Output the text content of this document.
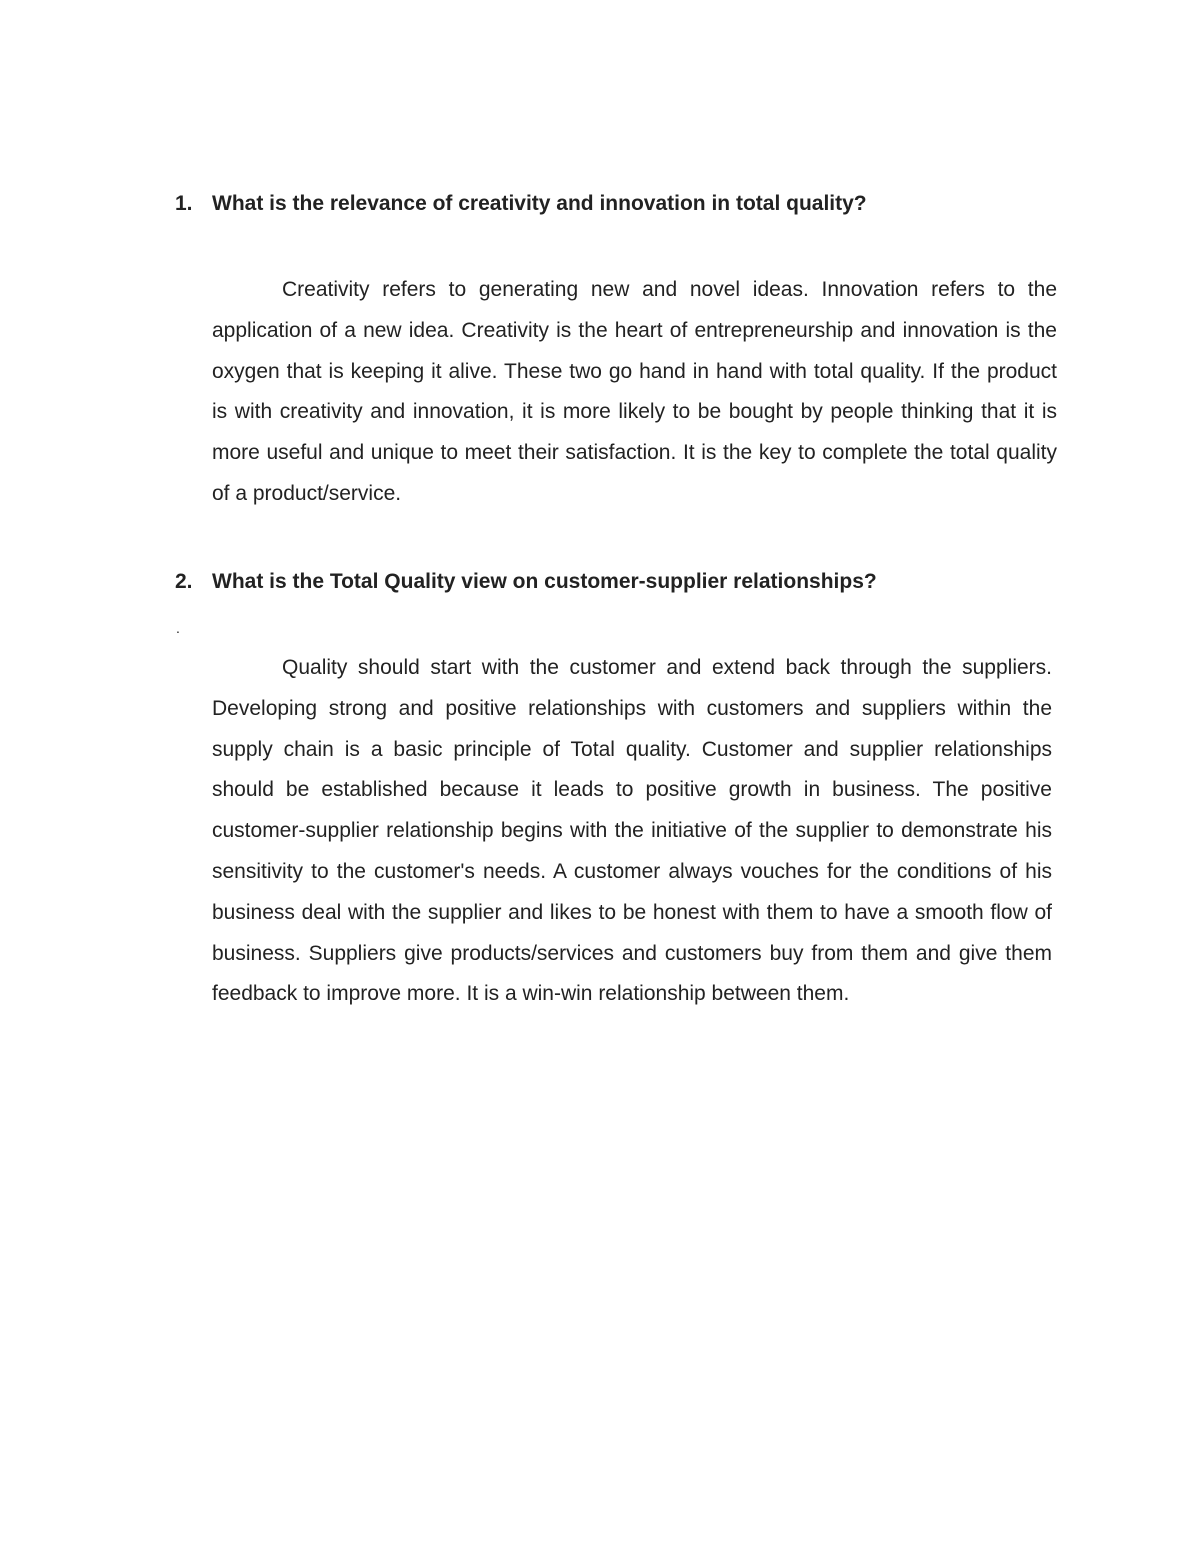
1. What is the relevance of creativity and innovation in total quality?

Creativity refers to generating new and novel ideas. Innovation refers to the application of a new idea. Creativity is the heart of entrepreneurship and innovation is the oxygen that is keeping it alive. These two go hand in hand with total quality. If the product is with creativity and innovation, it is more likely to be bought by people thinking that it is more useful and unique to meet their satisfaction. It is the key to complete the total quality of a product/service.

2. What is the Total Quality view on customer-supplier relationships?
.

Quality should start with the customer and extend back through the suppliers. Developing strong and positive relationships with customers and suppliers within the supply chain is a basic principle of Total quality. Customer and supplier relationships should be established because it leads to positive growth in business. The positive customer-supplier relationship begins with the initiative of the supplier to demonstrate his sensitivity to the customer's needs. A customer always vouches for the conditions of his business deal with the supplier and likes to be honest with them to have a smooth flow of business. Suppliers give products/services and customers buy from them and give them feedback to improve more. It is a win-win relationship between them.
